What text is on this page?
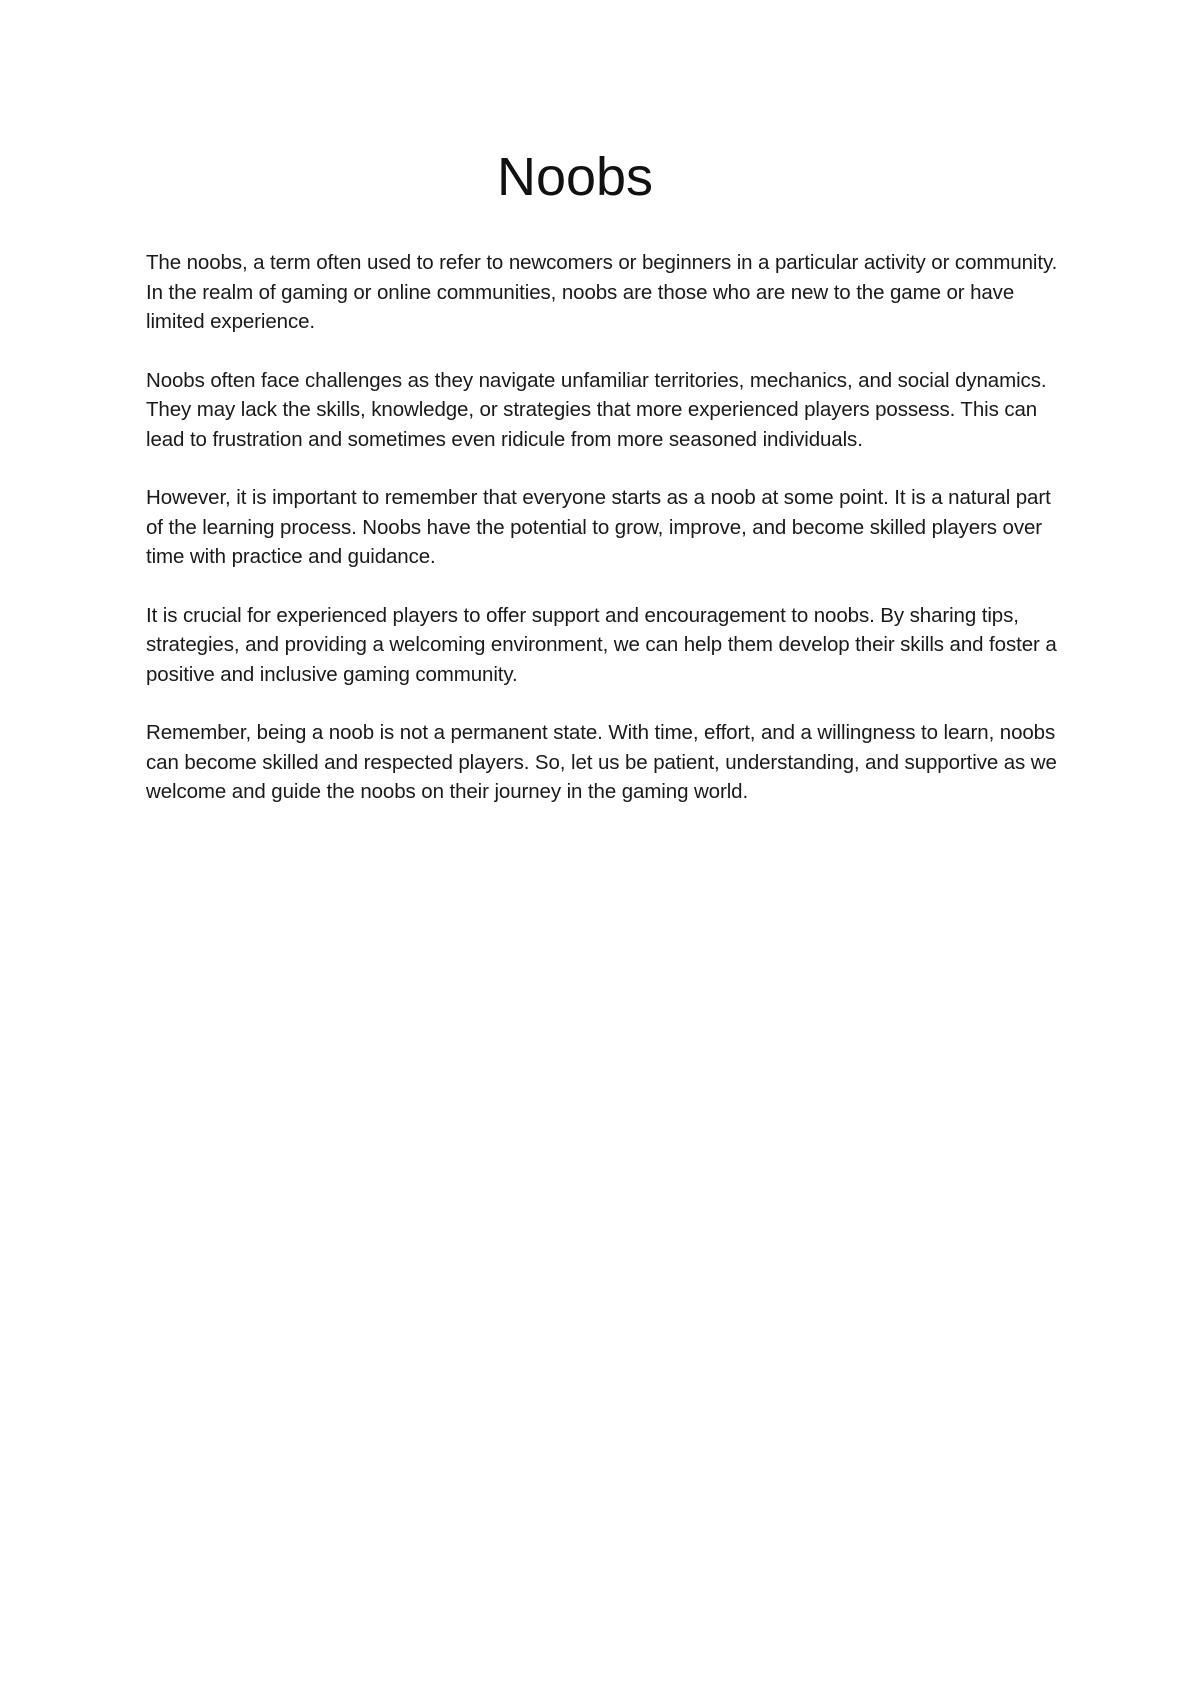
Noobs

The noobs, a term often used to refer to newcomers or beginners in a particular activity or community. In the realm of gaming or online communities, noobs are those who are new to the game or have limited experience.

Noobs often face challenges as they navigate unfamiliar territories, mechanics, and social dynamics. They may lack the skills, knowledge, or strategies that more experienced players possess. This can lead to frustration and sometimes even ridicule from more seasoned individuals.

However, it is important to remember that everyone starts as a noob at some point. It is a natural part of the learning process. Noobs have the potential to grow, improve, and become skilled players over time with practice and guidance.

It is crucial for experienced players to offer support and encouragement to noobs. By sharing tips, strategies, and providing a welcoming environment, we can help them develop their skills and foster a positive and inclusive gaming community.

Remember, being a noob is not a permanent state. With time, effort, and a willingness to learn, noobs can become skilled and respected players. So, let us be patient, understanding, and supportive as we welcome and guide the noobs on their journey in the gaming world.
